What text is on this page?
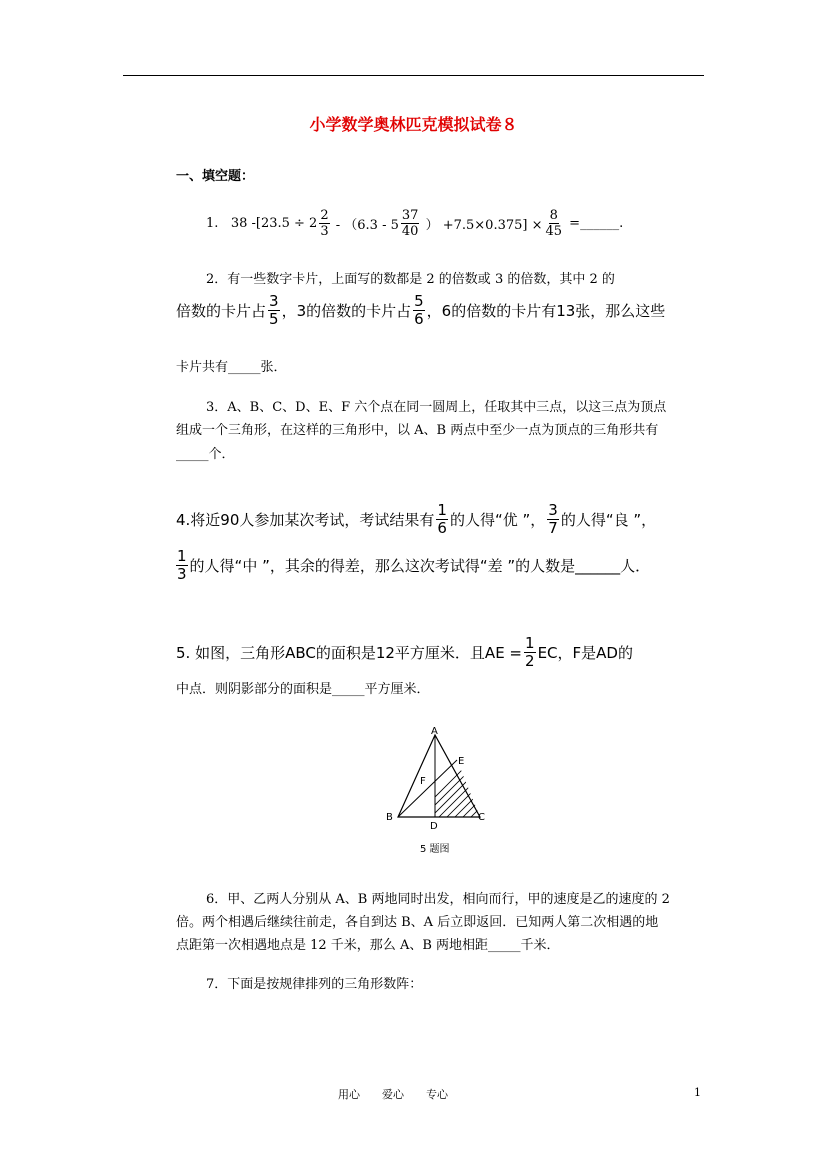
小学数学奥林匹克模拟试卷８
一、填空题：
1. 38 $-[23.5 \div 2 \frac{2}{3} - (6.3 - 5 \frac{37}{40}$ ） $+7.5\times 0.375] \times \frac{8}{45}$ =______.
2．有一些数字卡片，上面写的数都是 2 的倍数或 3 的倍数，其中 2 的
倍数的卡片占 $\frac{3}{5}$ ，3的倍数的卡片占 $\frac{5}{6}$ ，6的倍数的卡片有13张，那么这些
卡片共有_____张．
3．A、B、C、D、E、F 六个点在同一圆周上，任取其中三点，以这三点为顶点
组成一个三角形，在这样的三角形中，以 A、B 两点中至少一点为顶点的三角形共有
_____个．
4.将近90人参加某次考试，考试结果有 $\frac{1}{6}$ 的人得“优 ”， $\frac{3}{7}$ 的人得“良 ”，
$\frac{1}{3}$ 的人得“中 ”，其余的得差，那么这次考试得“差 ”的人数是______人．
5. 如图，三角形ABC的面积是12平方厘米．且AE = $\frac{1}{2}$ EC，F是AD的
中点．则阴影部分的面积是_____平方厘米．
A
E
F
B
D
C
5 题图
6．甲、乙两人分别从 A、B 两地同时出发，相向而行，甲的速度是乙的速度的 2
倍。两个相遇后继续往前走，各自到达 B、A 后立即返回．已知两人第二次相遇的地
点距第一次相遇地点是 12 千米，那么 A、B 两地相距_____千米．
7．下面是按规律排列的三角形数阵：
用心　　爱心　　专心	1
